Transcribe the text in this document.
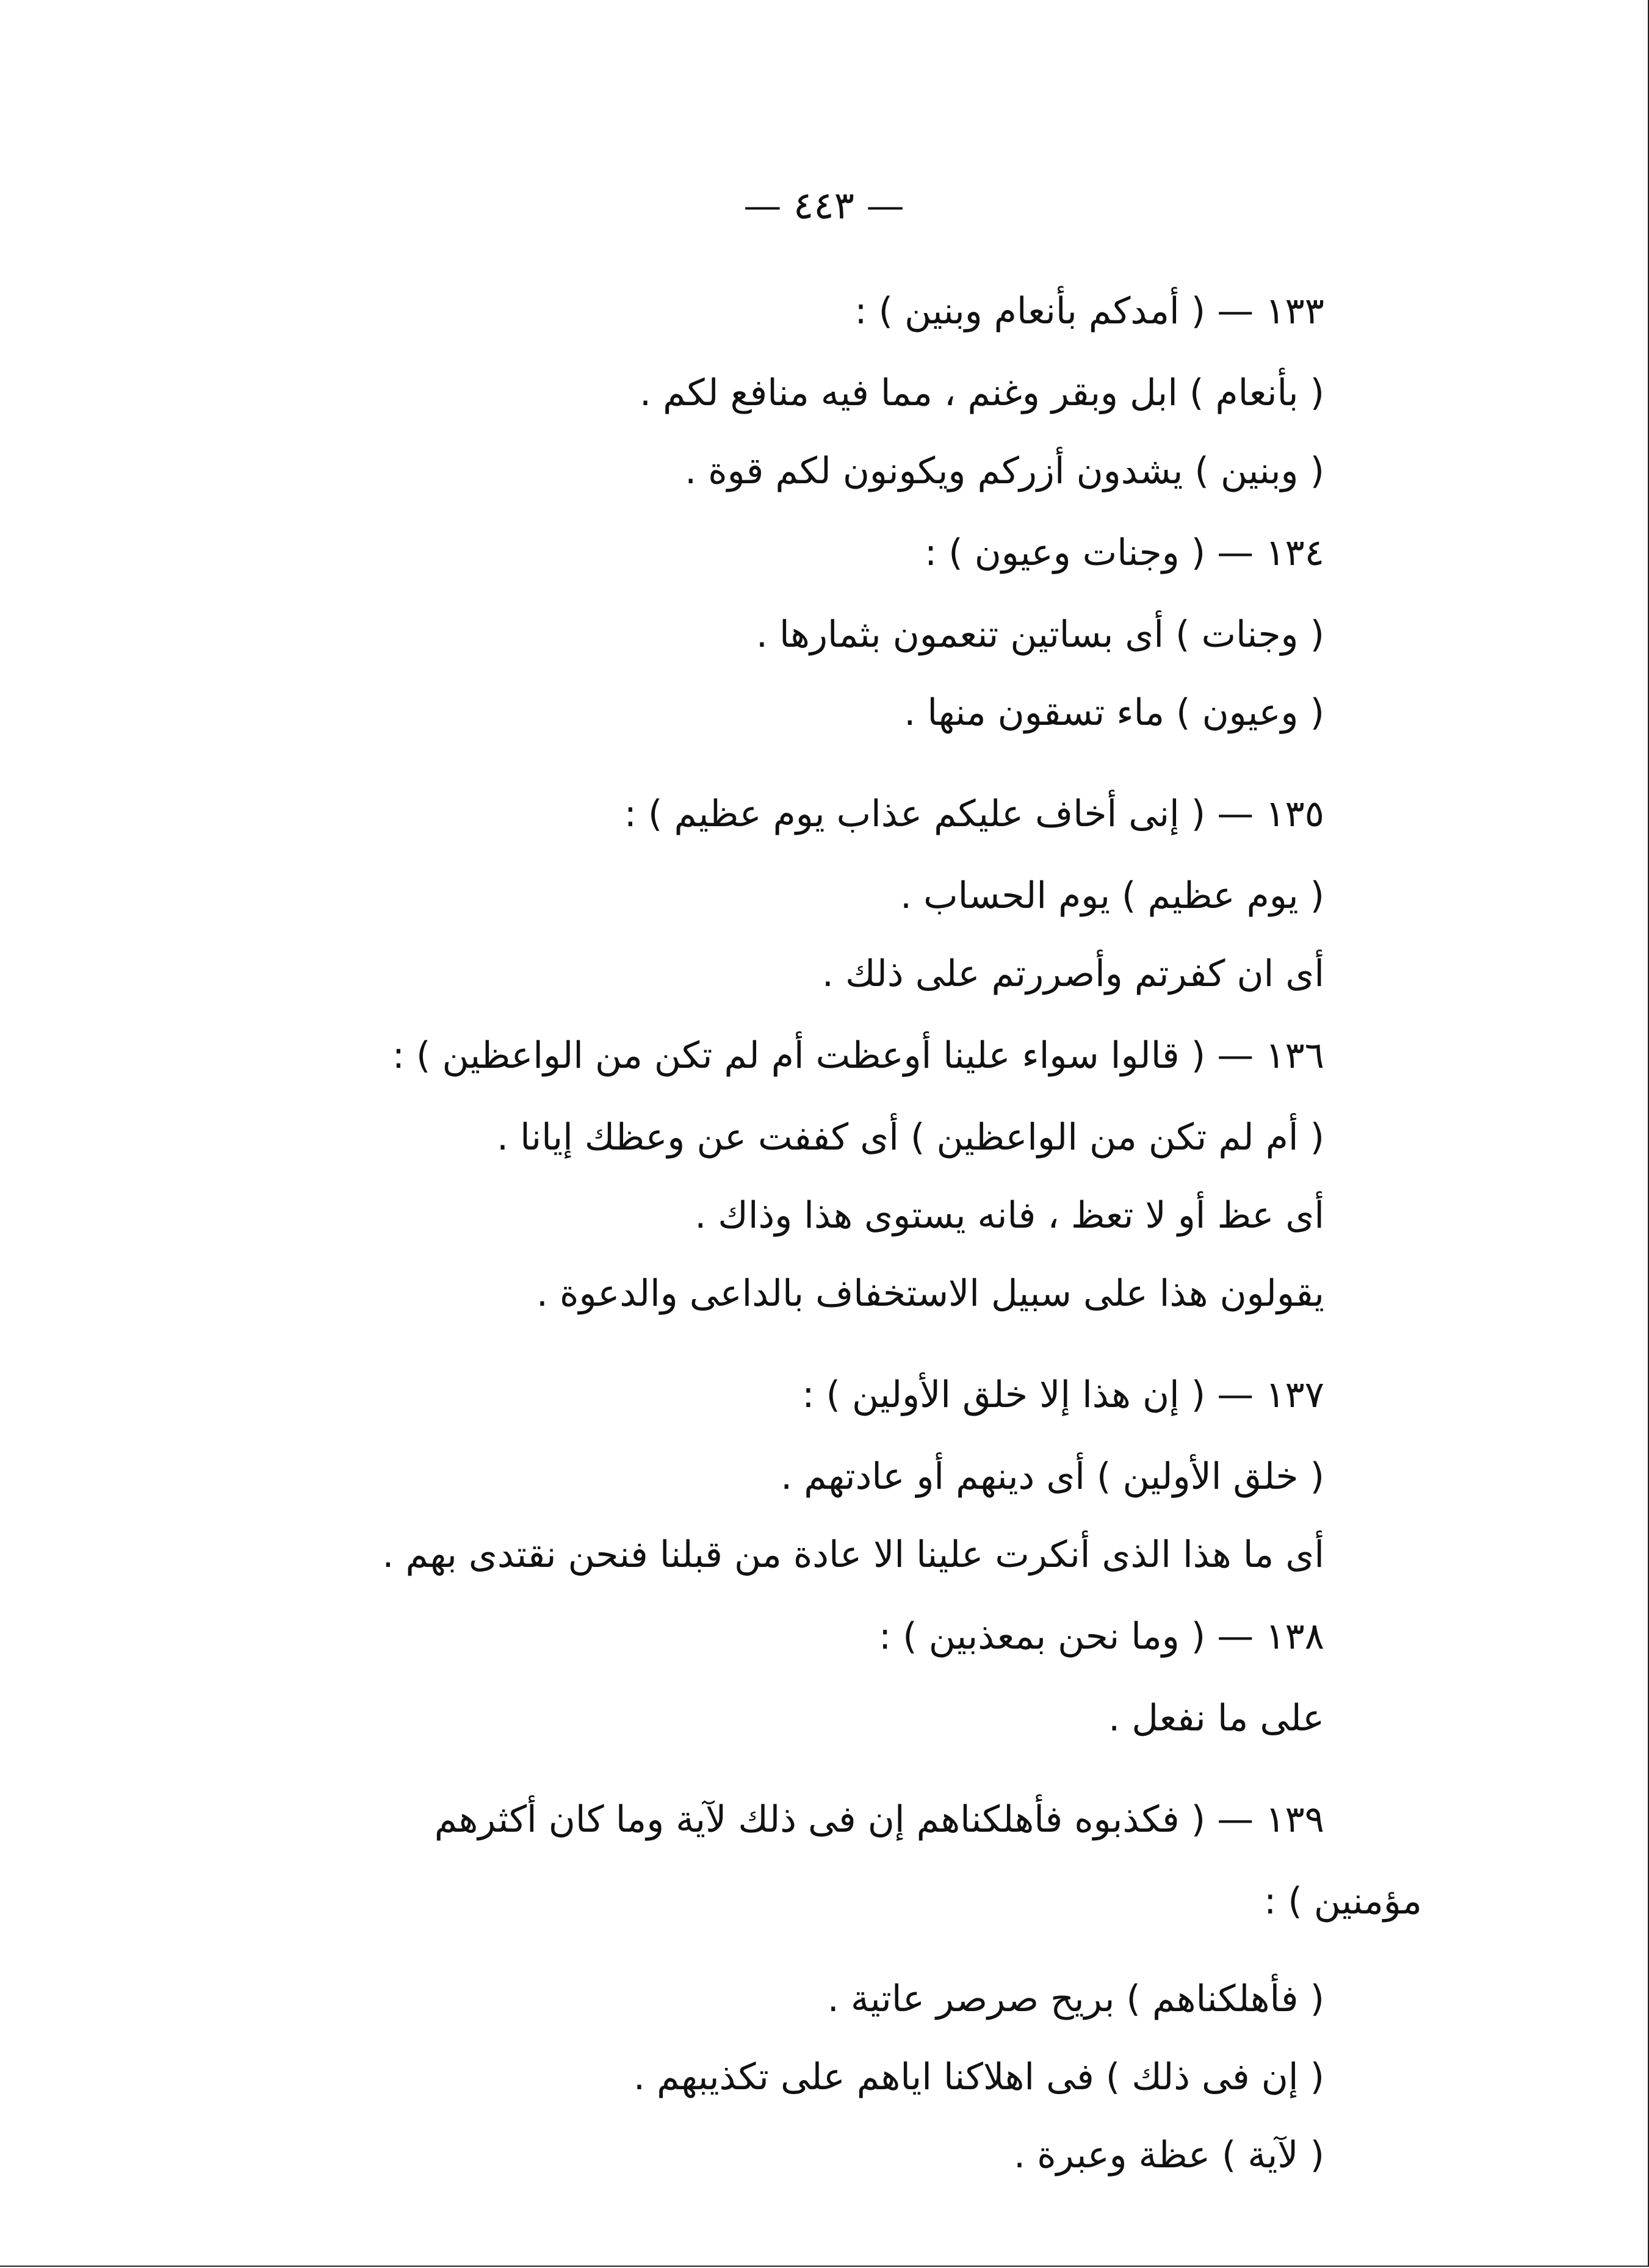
— ٤٤٣ —
١٣٣ — ( أمدكم بأنعام وبنين ) :
( بأنعام ) ابل وبقر وغنم ، مما فيه منافع لكم .
( وبنين ) يشدون أزركم ويكونون لكم قوة .
١٣٤ — ( وجنات وعيون ) :
( وجنات ) أى بساتين تنعمون بثمارها .
( وعيون ) ماء تسقون منها .
١٣٥ — ( إنى أخاف عليكم عذاب يوم عظيم ) :
( يوم عظيم ) يوم الحساب .
أى ان كفرتم وأصررتم على ذلك .
١٣٦ — ( قالوا سواء علينا أوعظت أم لم تكن من الواعظين ) :
( أم لم تكن من الواعظين ) أى كففت عن وعظك إيانا .
أى عظ أو لا تعظ ، فانه يستوى هذا وذاك .
يقولون هذا على سبيل الاستخفاف بالداعى والدعوة .
١٣٧ — ( إن هذا إلا خلق الأولين ) :
( خلق الأولين ) أى دينهم أو عادتهم .
أى ما هذا الذى أنكرت علينا الا عادة من قبلنا فنحن نقتدى بهم .
١٣٨ — ( وما نحن بمعذبين ) :
على ما نفعل .
١٣٩ — ( فكذبوه فأهلكناهم إن فى ذلك لآية وما كان أكثرهم
مؤمنين ) :
( فأهلكناهم ) بريح صرصر عاتية .
( إن فى ذلك ) فى اهلاكنا اياهم على تكذيبهم .
( لآية ) عظة وعبرة .
